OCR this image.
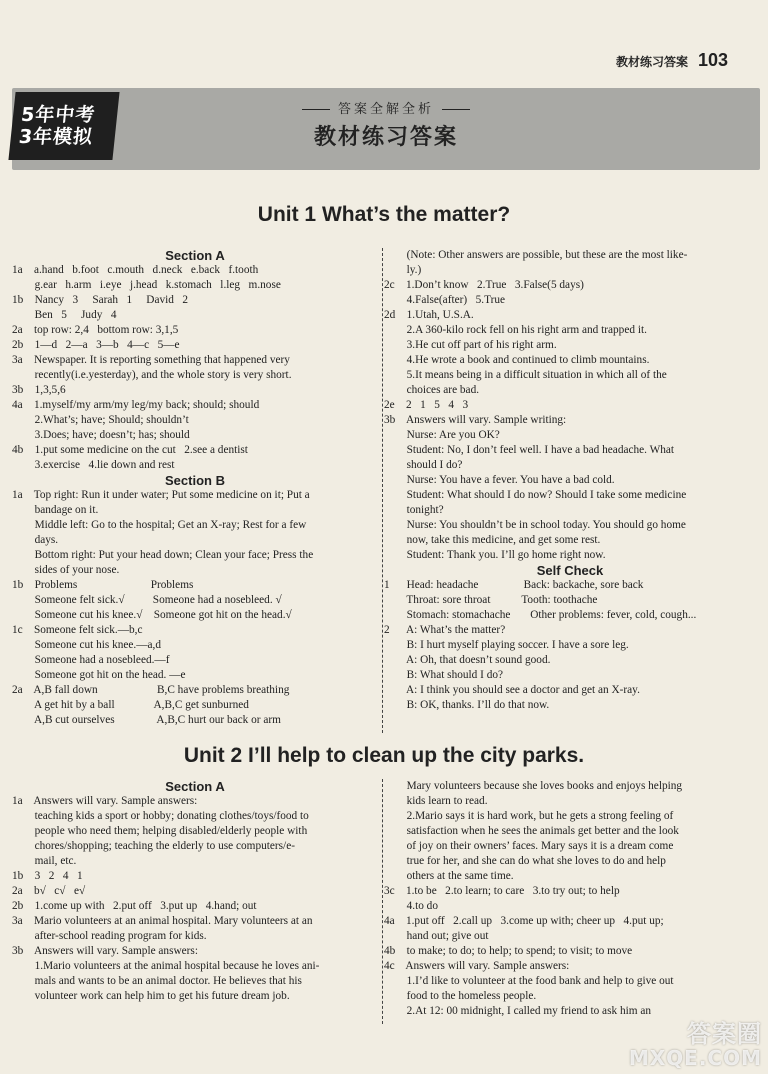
教材练习答案 103
5年中考
3年模拟
答案全解全析
教材练习答案
Unit 1 What’s the matter?
Section A
1a    a.hand   b.foot   c.mouth   d.neck   e.back   f.tooth
g.ear   h.arm   i.eye   j.head   k.stomach   l.leg   m.nose
1b    Nancy   3     Sarah   1     David   2
Ben   5     Judy   4
2a    top row: 2,4   bottom row: 3,1,5
2b    1—d   2—a   3—b   4—c   5—e
3a    Newspaper. It is reporting something that happened very
recently(i.e.yesterday), and the whole story is very short.
3b    1,3,5,6
4a    1.myself/my arm/my leg/my back; should; should
2.What’s; have; Should; shouldn’t
3.Does; have; doesn’t; has; should
4b    1.put some medicine on the cut   2.see a dentist
3.exercise   4.lie down and rest
Section B
1a    Top right: Run it under water; Put some medicine on it; Put a
bandage on it.
Middle left: Go to the hospital; Get an X-ray; Rest for a few
days.
Bottom right: Put your head down; Clean your face; Press the
sides of your nose.
1b    Problems                          Problems
Someone felt sick.√          Someone had a nosebleed. √
Someone cut his knee.√    Someone got hit on the head.√
1c    Someone felt sick.—b,c
Someone cut his knee.—a,d
Someone had a nosebleed.—f
Someone got hit on the head. —e
2a    A,B fall down                     B,C have problems breathing
A get hit by a ball              A,B,C get sunburned
A,B cut ourselves               A,B,C hurt our back or arm
(Note: Other answers are possible, but these are the most like-
ly.)
2c    1.Don’t know   2.True   3.False(5 days)
4.False(after)   5.True
2d    1.Utah, U.S.A.
2.A 360-kilo rock fell on his right arm and trapped it.
3.He cut off part of his right arm.
4.He wrote a book and continued to climb mountains.
5.It means being in a difficult situation in which all of the
choices are bad.
2e    2   1   5   4   3
3b    Answers will vary. Sample writing:
Nurse: Are you OK?
Student: No, I don’t feel well. I have a bad headache. What
should I do?
Nurse: You have a fever. You have a bad cold.
Student: What should I do now? Should I take some medicine
tonight?
Nurse: You shouldn’t be in school today. You should go home
now, take this medicine, and get some rest.
Student: Thank you. I’ll go home right now.
Self Check
1      Head: headache                Back: backache, sore back
Throat: sore throat           Tooth: toothache
Stomach: stomachache       Other problems: fever, cold, cough...
2      A: What’s the matter?
B: I hurt myself playing soccer. I have a sore leg.
A: Oh, that doesn’t sound good.
B: What should I do?
A: I think you should see a doctor and get an X-ray.
B: OK, thanks. I’ll do that now.
Unit 2 I’ll help to clean up the city parks.
Section A
1a    Answers will vary. Sample answers:
teaching kids a sport or hobby; donating clothes/toys/food to
people who need them; helping disabled/elderly people with
chores/shopping; teaching the elderly to use computers/e-
mail, etc.
1b    3   2   4   1
2a    b√   c√   e√
2b    1.come up with   2.put off   3.put up   4.hand; out
3a    Mario volunteers at an animal hospital. Mary volunteers at an
after-school reading program for kids.
3b    Answers will vary. Sample answers:
1.Mario volunteers at the animal hospital because he loves ani-
mals and wants to be an animal doctor. He believes that his
volunteer work can help him to get his future dream job.
Mary volunteers because she loves books and enjoys helping
kids learn to read.
2.Mario says it is hard work, but he gets a strong feeling of
satisfaction when he sees the animals get better and the look
of joy on their owners’ faces. Mary says it is a dream come
true for her, and she can do what she loves to do and help
others at the same time.
3c    1.to be   2.to learn; to care   3.to try out; to help
4.to do
4a    1.put off   2.call up   3.come up with; cheer up   4.put up;
hand out; give out
4b    to make; to do; to help; to spend; to visit; to move
4c    Answers will vary. Sample answers:
1.I’d like to volunteer at the food bank and help to give out
food to the homeless people.
2.At 12: 00 midnight, I called my friend to ask him an
答案圈
MXQE.COM
